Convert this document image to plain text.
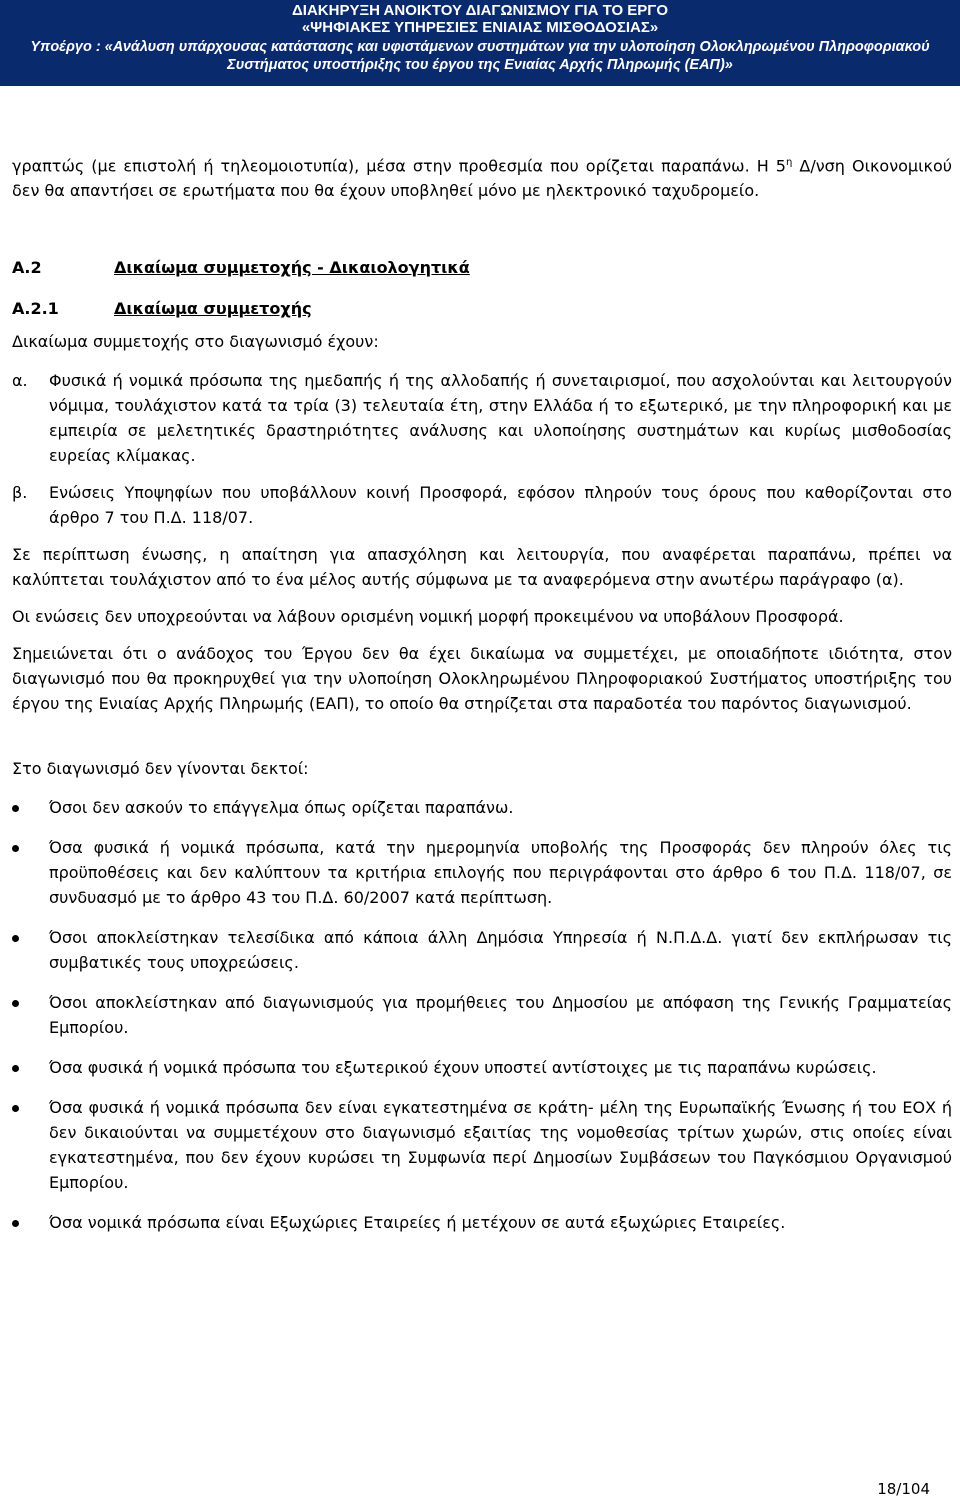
ΔΙΑΚΗΡΥΞΗ ΑΝΟΙΚΤΟΥ ΔΙΑΓΩΝΙΣΜΟΥ ΓΙΑ ΤΟ ΕΡΓΟ
«ΨΗΦΙΑΚΕΣ ΥΠΗΡΕΣΙΕΣ ΕΝΙΑΙΑΣ ΜΙΣΘΟΔΟΣΙΑΣ»
Υποέργο : «Ανάλυση υπάρχουσας κατάστασης και υφιστάμενων συστημάτων για την υλοποίηση Ολοκληρωμένου Πληροφοριακού
Συστήματος υποστήριξης του έργου της Ενιαίας Αρχής Πληρωμής (ΕΑΠ)»

γραπτώς (με επιστολή ή τηλεομοιοτυπία), μέσα στην προθεσμία που ορίζεται παραπάνω. Η $5^\eta$ Δ/νση Οικονομικού δεν θα απαντήσει σε ερωτήματα που θα έχουν υποβληθεί μόνο με ηλεκτρονικό ταχυδρομείο.

Α.2	Δικαίωμα συμμετοχής - Δικαιολογητικά
Α.2.1	Δικαίωμα συμμετοχής

Δικαίωμα συμμετοχής στο διαγωνισμό έχουν:

α.	Φυσικά ή νομικά πρόσωπα της ημεδαπής ή της αλλοδαπής ή συνεταιρισμοί, που ασχολούνται και λειτουργούν νόμιμα, τουλάχιστον κατά τα τρία (3) τελευταία έτη, στην Ελλάδα ή το εξωτερικό, με την πληροφορική και με εμπειρία σε μελετητικές δραστηριότητες ανάλυσης και υλοποίησης συστημάτων και κυρίως μισθοδοσίας ευρείας κλίμακας.
β.	Ενώσεις Υποψηφίων που υποβάλλουν κοινή Προσφορά, εφόσον πληρούν τους όρους που καθορίζονται στο άρθρο 7 του Π.Δ. 118/07.

Σε περίπτωση ένωσης, η απαίτηση για απασχόληση και λειτουργία, που αναφέρεται παραπάνω, πρέπει να καλύπτεται τουλάχιστον από το ένα μέλος αυτής σύμφωνα με τα αναφερόμενα στην ανωτέρω παράγραφο (α).

Οι ενώσεις δεν υποχρεούνται να λάβουν ορισμένη νομική μορφή προκειμένου να υποβάλουν Προσφορά.

Σημειώνεται ότι ο ανάδοχος του Έργου δεν θα έχει δικαίωμα να συμμετέχει, με οποιαδήποτε ιδιότητα, στον διαγωνισμό που θα προκηρυχθεί για την υλοποίηση Ολοκληρωμένου Πληροφοριακού Συστήματος υποστήριξης του έργου της Ενιαίας Αρχής Πληρωμής (ΕΑΠ), το οποίο θα στηρίζεται στα παραδοτέα του παρόντος διαγωνισμού.

Στο διαγωνισμό δεν γίνονται δεκτοί:

Όσοι δεν ασκούν το επάγγελμα όπως ορίζεται παραπάνω.
Όσα φυσικά ή νομικά πρόσωπα, κατά την ημερομηνία υποβολής της Προσφοράς δεν πληρούν όλες τις προϋποθέσεις και δεν καλύπτουν τα κριτήρια επιλογής που περιγράφονται στο άρθρο 6 του Π.Δ. 118/07, σε συνδυασμό με το άρθρο 43 του Π.Δ. 60/2007 κατά περίπτωση.
Όσοι αποκλείστηκαν τελεσίδικα από κάποια άλλη Δημόσια Υπηρεσία ή Ν.Π.Δ.Δ. γιατί δεν εκπλήρωσαν τις συμβατικές τους υποχρεώσεις.
Όσοι αποκλείστηκαν από διαγωνισμούς για προμήθειες του Δημοσίου με απόφαση της Γενικής Γραμματείας Εμπορίου.
Όσα φυσικά ή νομικά πρόσωπα του εξωτερικού έχουν υποστεί αντίστοιχες με τις παραπάνω κυρώσεις.
Όσα φυσικά ή νομικά πρόσωπα δεν είναι εγκατεστημένα σε κράτη- μέλη της Ευρωπαϊκής Ένωσης ή του ΕΟΧ ή δεν δικαιούνται να συμμετέχουν στο διαγωνισμό εξαιτίας της νομοθεσίας τρίτων χωρών, στις οποίες είναι εγκατεστημένα, που δεν έχουν κυρώσει τη Συμφωνία περί Δημοσίων Συμβάσεων του Παγκόσμιου Οργανισμού Εμπορίου.
Όσα νομικά πρόσωπα είναι Εξωχώριες Εταιρείες ή μετέχουν σε αυτά εξωχώριες Εταιρείες.
18/104
